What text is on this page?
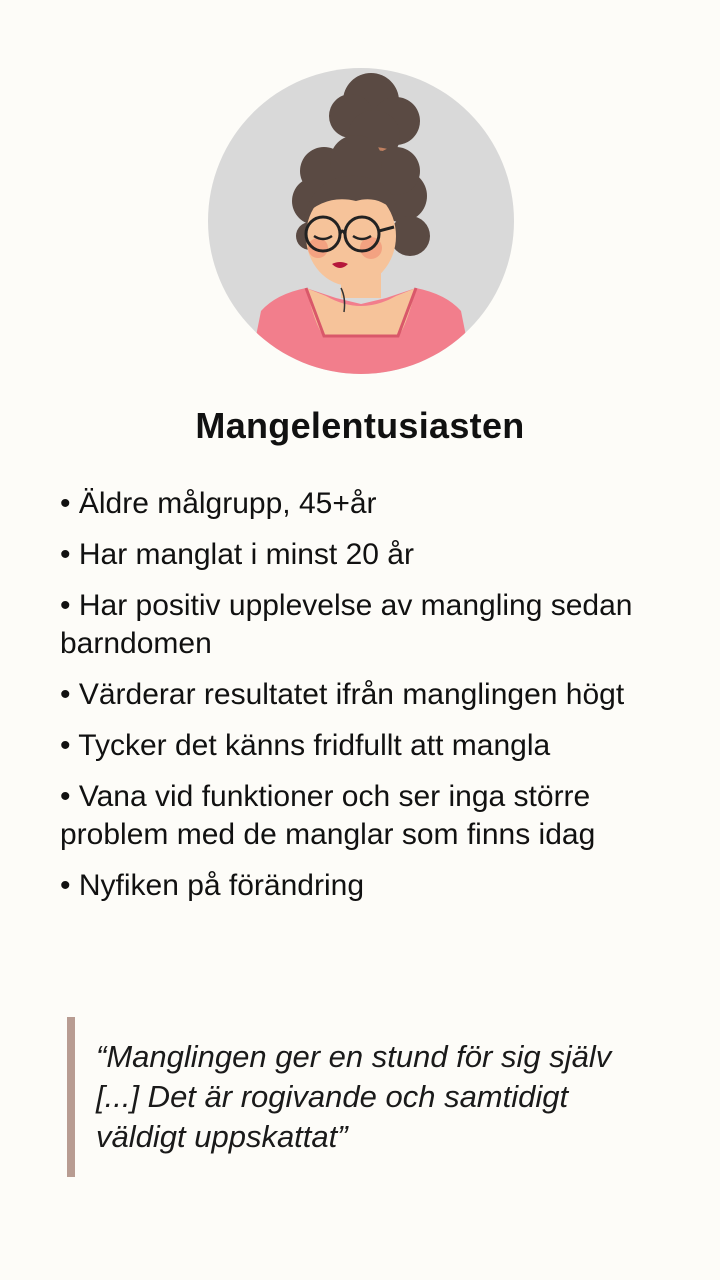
Mangelentusiasten
• Äldre målgrupp, 45+år
• Har manglat i minst 20 år
• Har positiv upplevelse av mangling sedan barndomen
• Värderar resultatet ifrån manglingen högt
• Tycker det känns fridfullt att mangla
• Vana vid funktioner och ser inga större problem med de manglar som finns idag
• Nyfiken på förändring

“Manglingen ger en stund för sig själv [...] Det är rogivande och samtidigt väldigt uppskattat”
